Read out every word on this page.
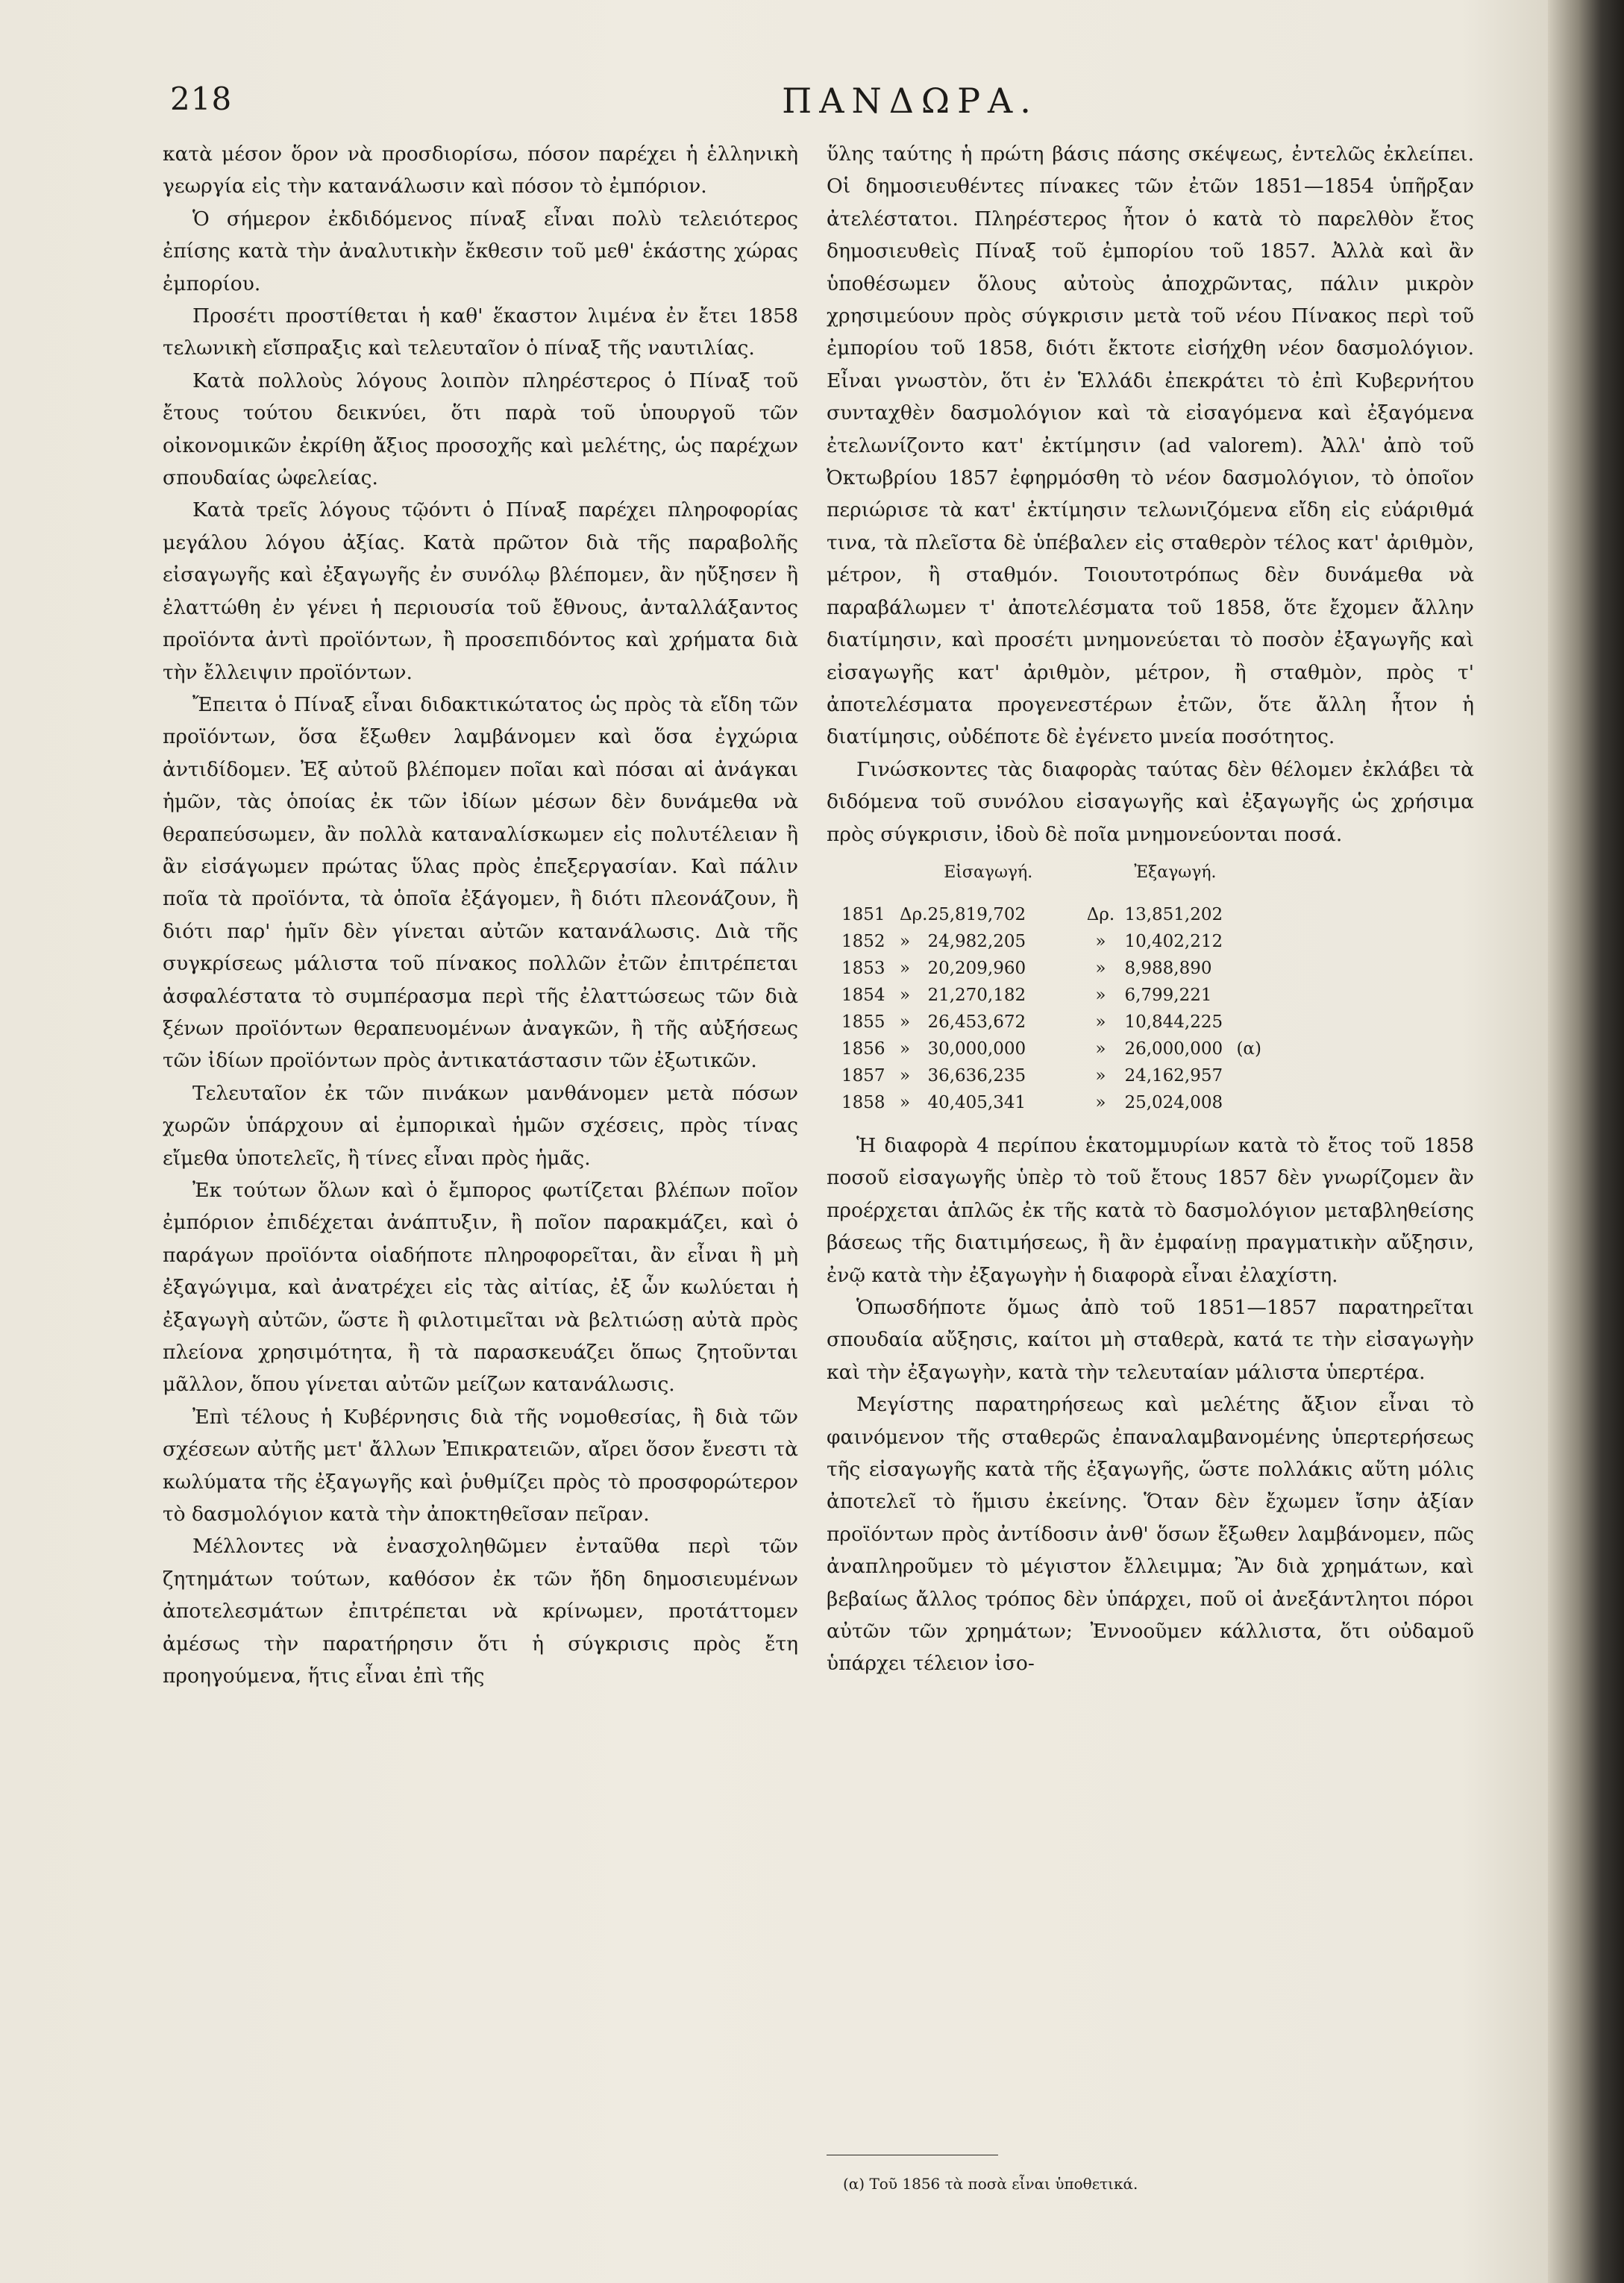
218	ΠΑΝΔΩΡΑ.

κατὰ μέσον ὅρον νὰ προσδιορίσω, πόσον παρέχει ἡ ἑλληνικὴ γεωργία εἰς τὴν κατανάλωσιν καὶ πόσον τὸ ἐμπόριον.

Ὁ σήμερον ἐκδιδόμενος πίναξ εἶναι πολὺ τελειότερος ἐπίσης κατὰ τὴν ἀναλυτικὴν ἔκθεσιν τοῦ μεθ' ἑκάστης χώρας ἐμπορίου.

Προσέτι προστίθεται ἡ καθ' ἕκαστον λιμένα ἐν ἔτει 1858 τελωνικὴ εἴσπραξις καὶ τελευταῖον ὁ πίναξ τῆς ναυτιλίας.

Κατὰ πολλοὺς λόγους λοιπὸν πληρέστερος ὁ Πίναξ τοῦ ἔτους τούτου δεικνύει, ὅτι παρὰ τοῦ ὑπουργοῦ τῶν οἰκονομικῶν ἐκρίθη ἄξιος προσοχῆς καὶ μελέτης, ὡς παρέχων σπουδαίας ὠφελείας.

Κατὰ τρεῖς λόγους τῷόντι ὁ Πίναξ παρέχει πληροφορίας μεγάλου λόγου ἀξίας. Κατὰ πρῶτον διὰ τῆς παραβολῆς εἰσαγωγῆς καὶ ἐξαγωγῆς ἐν συνόλῳ βλέπομεν, ἂν ηὔξησεν ἢ ἐλαττώθη ἐν γένει ἡ περιουσία τοῦ ἔθνους, ἀνταλλάξαντος προϊόντα ἀντὶ προϊόντων, ἢ προσεπιδόντος καὶ χρήματα διὰ τὴν ἔλλειψιν προϊόντων.

Ἔπειτα ὁ Πίναξ εἶναι διδακτικώτατος ὡς πρὸς τὰ εἴδη τῶν προϊόντων, ὅσα ἔξωθεν λαμβάνομεν καὶ ὅσα ἐγχώρια ἀντιδίδομεν. Ἐξ αὐτοῦ βλέπομεν ποῖαι καὶ πόσαι αἱ ἀνάγκαι ἡμῶν, τὰς ὁποίας ἐκ τῶν ἰδίων μέσων δὲν δυνάμεθα νὰ θεραπεύσωμεν, ἂν πολλὰ καταναλίσκωμεν εἰς πολυτέλειαν ἢ ἂν εἰσάγωμεν πρώτας ὕλας πρὸς ἐπεξεργασίαν. Καὶ πάλιν ποῖα τὰ προϊόντα, τὰ ὁποῖα ἐξάγομεν, ἢ διότι πλεονάζουν, ἢ διότι παρ' ἡμῖν δὲν γίνεται αὐτῶν κατανάλωσις. Διὰ τῆς συγκρίσεως μάλιστα τοῦ πίνακος πολλῶν ἐτῶν ἐπιτρέπεται ἀσφαλέστατα τὸ συμπέρασμα περὶ τῆς ἐλαττώσεως τῶν διὰ ξένων προϊόντων θεραπευομένων ἀναγκῶν, ἢ τῆς αὐξήσεως τῶν ἰδίων προϊόντων πρὸς ἀντικατάστασιν τῶν ἐξωτικῶν.

Τελευταῖον ἐκ τῶν πινάκων μανθάνομεν μετὰ πόσων χωρῶν ὑπάρχουν αἱ ἐμπορικαὶ ἡμῶν σχέσεις, πρὸς τίνας εἴμεθα ὑποτελεῖς, ἢ τίνες εἶναι πρὸς ἡμᾶς.

Ἐκ τούτων ὅλων καὶ ὁ ἔμπορος φωτίζεται βλέπων ποῖον ἐμπόριον ἐπιδέχεται ἀνάπτυξιν, ἢ ποῖον παρακμάζει, καὶ ὁ παράγων προϊόντα οἱαδήποτε πληροφορεῖται, ἂν εἶναι ἢ μὴ ἐξαγώγιμα, καὶ ἀνατρέχει εἰς τὰς αἰτίας, ἐξ ὧν κωλύεται ἡ ἐξαγωγὴ αὐτῶν, ὥστε ἢ φιλοτιμεῖται νὰ βελτιώσῃ αὐτὰ πρὸς πλείονα χρησιμότητα, ἢ τὰ παρασκευάζει ὅπως ζητοῦνται μᾶλλον, ὅπου γίνεται αὐτῶν μείζων κατανάλωσις.

Ἐπὶ τέλους ἡ Κυβέρνησις διὰ τῆς νομοθεσίας, ἢ διὰ τῶν σχέσεων αὐτῆς μετ' ἄλλων Ἐπικρατειῶν, αἴρει ὅσον ἔνεστι τὰ κωλύματα τῆς ἐξαγωγῆς καὶ ῥυθμίζει πρὸς τὸ προσφορώτερον τὸ δασμολόγιον κατὰ τὴν ἀποκτηθεῖσαν πεῖραν.

Μέλλοντες νὰ ἐνασχοληθῶμεν ἐνταῦθα περὶ τῶν ζητημάτων τούτων, καθόσον ἐκ τῶν ἤδη δημοσιευμένων ἀποτελεσμάτων ἐπιτρέπεται νὰ κρίνωμεν, προτάττομεν ἀμέσως τὴν παρατήρησιν ὅτι ἡ σύγκρισις πρὸς ἔτη προηγούμενα, ἥτις εἶναι ἐπὶ τῆς

ὕλης ταύτης ἡ πρώτη βάσις πάσης σκέψεως, ἐντελῶς ἐκλείπει. Οἱ δημοσιευθέντες πίνακες τῶν ἐτῶν 1851—1854 ὑπῆρξαν ἀτελέστατοι. Πληρέστερος ἦτον ὁ κατὰ τὸ παρελθὸν ἔτος δημοσιευθεὶς Πίναξ τοῦ ἐμπορίου τοῦ 1857. Ἀλλὰ καὶ ἂν ὑποθέσωμεν ὅλους αὐτοὺς ἀποχρῶντας, πάλιν μικρὸν χρησιμεύουν πρὸς σύγκρισιν μετὰ τοῦ νέου Πίνακος περὶ τοῦ ἐμπορίου τοῦ 1858, διότι ἔκτοτε εἰσήχθη νέον δασμολόγιον. Εἶναι γνωστὸν, ὅτι ἐν Ἑλλάδι ἐπεκράτει τὸ ἐπὶ Κυβερνήτου συνταχθὲν δασμολόγιον καὶ τὰ εἰσαγόμενα καὶ ἐξαγόμενα ἐτελωνίζοντο κατ' ἐκτίμησιν (ad valorem). Ἀλλ' ἀπὸ τοῦ Ὀκτωβρίου 1857 ἐφηρμόσθη τὸ νέον δασμολόγιον, τὸ ὁποῖον περιώρισε τὰ κατ' ἐκτίμησιν τελωνιζόμενα εἴδη εἰς εὐάριθμά τινα, τὰ πλεῖστα δὲ ὑπέβαλεν εἰς σταθερὸν τέλος κατ' ἀριθμὸν, μέτρον, ἢ σταθμόν. Τοιουτοτρόπως δὲν δυνάμεθα νὰ παραβάλωμεν τ' ἀποτελέσματα τοῦ 1858, ὅτε ἔχομεν ἄλλην διατίμησιν, καὶ προσέτι μνημονεύεται τὸ ποσὸν ἐξαγωγῆς καὶ εἰσαγωγῆς κατ' ἀριθμὸν, μέτρον, ἢ σταθμὸν, πρὸς τ' ἀποτελέσματα προγενεστέρων ἐτῶν, ὅτε ἄλλη ἦτον ἡ διατίμησις, οὐδέποτε δὲ ἐγένετο μνεία ποσότητος.

Γινώσκοντες τὰς διαφορὰς ταύτας δὲν θέλομεν ἐκλάβει τὰ διδόμενα τοῦ συνόλου εἰσαγωγῆς καὶ ἐξαγωγῆς ὡς χρήσιμα πρὸς σύγκρισιν, ἰδοὺ δὲ ποῖα μνημονεύονται ποσά.

	Εἰσαγωγή.		Ἐξαγωγή.		
1851	Δρ.	25,819,702	Δρ.	13,851,202	
1852	»	24,982,205	»	10,402,212	
1853	»	20,209,960	»	8,988,890	
1854	»	21,270,182	»	6,799,221	
1855	»	26,453,672	»	10,844,225	
1856	»	30,000,000	»	26,000,000	(α)
1857	»	36,636,235	»	24,162,957	
1858	»	40,405,341	»	25,024,008	

Ἡ διαφορὰ 4 περίπου ἑκατομμυρίων κατὰ τὸ ἔτος τοῦ 1858 ποσοῦ εἰσαγωγῆς ὑπὲρ τὸ τοῦ ἔτους 1857 δὲν γνωρίζομεν ἂν προέρχεται ἁπλῶς ἐκ τῆς κατὰ τὸ δασμολόγιον μεταβληθείσης βάσεως τῆς διατιμήσεως, ἢ ἂν ἐμφαίνῃ πραγματικὴν αὔξησιν, ἐνῷ κατὰ τὴν ἐξαγωγὴν ἡ διαφορὰ εἶναι ἐλαχίστη.

Ὁπωσδήποτε ὅμως ἀπὸ τοῦ 1851—1857 παρατηρεῖται σπουδαία αὔξησις, καίτοι μὴ σταθερὰ, κατά τε τὴν εἰσαγωγὴν καὶ τὴν ἐξαγωγὴν, κατὰ τὴν τελευταίαν μάλιστα ὑπερτέρα.

Μεγίστης παρατηρήσεως καὶ μελέτης ἄξιον εἶναι τὸ φαινόμενον τῆς σταθερῶς ἐπαναλαμβανομένης ὑπερτερήσεως τῆς εἰσαγωγῆς κατὰ τῆς ἐξαγωγῆς, ὥστε πολλάκις αὕτη μόλις ἀποτελεῖ τὸ ἥμισυ ἐκείνης. Ὅταν δὲν ἔχωμεν ἴσην ἀξίαν προϊόντων πρὸς ἀντίδοσιν ἀνθ' ὅσων ἔξωθεν λαμβάνομεν, πῶς ἀναπληροῦμεν τὸ μέγιστον ἔλλειμμα; Ἂν διὰ χρημάτων, καὶ βεβαίως ἄλλος τρόπος δὲν ὑπάρχει, ποῦ οἱ ἀνεξάντλητοι πόροι αὐτῶν τῶν χρημάτων; Ἐννοοῦμεν κάλλιστα, ὅτι οὐδαμοῦ ὑπάρχει τέλειον ἰσο-

(α) Τοῦ 1856 τὰ ποσὰ εἶναι ὑποθετικά.
